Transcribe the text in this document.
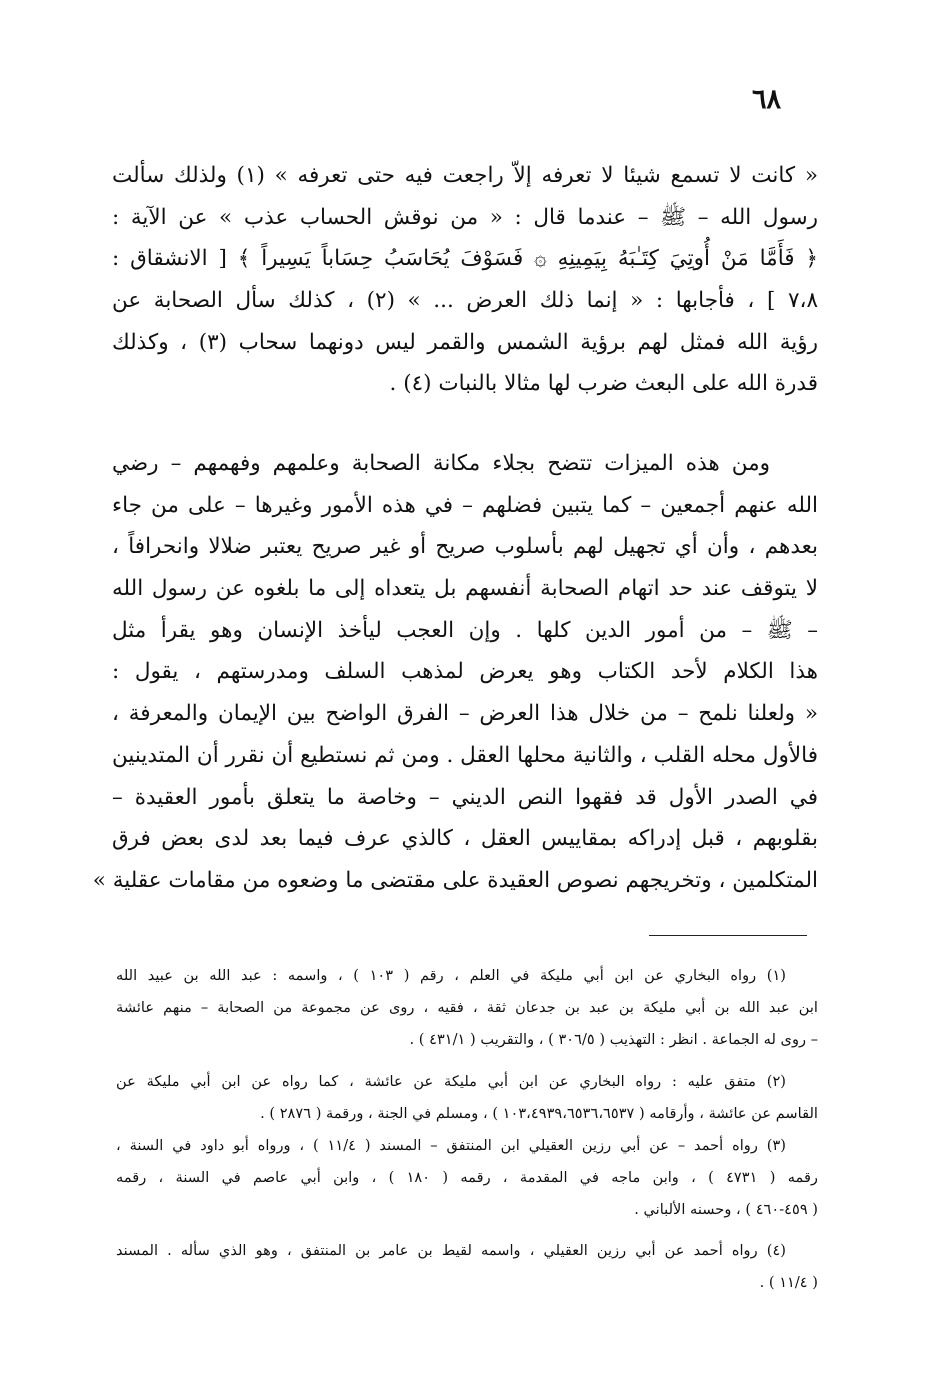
٦٨
« كانت لا تسمع شيئا لا تعرفه إلاّ راجعت فيه حتى تعرفه » (١) ولذلك سألت
رسول الله – ﷺ – عندما قال : « من نوقش الحساب عذب » عن الآية :
﴿ فَأَمَّا مَنْ أُوتِيَ كِتَـٰبَهُ بِيَمِينِهِ ۞ فَسَوْفَ يُحَاسَبُ حِسَاباً يَسِيراً ﴾ [ الانشقاق :
٧،٨ ] ، فأجابها : « إنما ذلك العرض ... » (٢) ، كذلك سأل الصحابة عن
رؤية الله فمثل لهم برؤية الشمس والقمر ليس دونهما سحاب (٣) ، وكذلك
قدرة الله على البعث ضرب لها مثالا بالنبات (٤) .
ومن هذه الميزات تتضح بجلاء مكانة الصحابة وعلمهم وفهمهم – رضي
الله عنهم أجمعين – كما يتبين فضلهم – في هذه الأمور وغيرها – على من جاء
بعدهم ، وأن أي تجهيل لهم بأسلوب صريح أو غير صريح يعتبر ضلالا وانحرافاً ،
لا يتوقف عند حد اتهام الصحابة أنفسهم بل يتعداه إلى ما بلغوه عن رسول الله
– ﷺ – من أمور الدين كلها . وإن العجب ليأخذ الإنسان وهو يقرأ مثل
هذا الكلام لأحد الكتاب وهو يعرض لمذهب السلف ومدرستهم ، يقول :
« ولعلنا نلمح – من خلال هذا العرض – الفرق الواضح بين الإيمان والمعرفة ،
فالأول محله القلب ، والثانية محلها العقل . ومن ثم نستطيع أن نقرر أن المتدينين
في الصدر الأول قد فقهوا النص الديني – وخاصة ما يتعلق بأمور العقيدة –
بقلوبهم ، قبل إدراكه بمقاييس العقل ، كالذي عرف فيما بعد لدى بعض فرق
المتكلمين ، وتخريجهم نصوص العقيدة على مقتضى ما وضعوه من مقامات عقلية »
(١) رواه البخاري عن ابن أبي مليكة في العلم ، رقم ( ١٠٣ ) ، واسمه : عبد الله بن عبيد الله
ابن عبد الله بن أبي مليكة بن عبد بن جدعان ثقة ، فقيه ، روى عن مجموعة من الصحابة – منهم عائشة
– روى له الجماعة . انظر : التهذيب ( ٣٠٦/٥ ) ، والتقريب ( ٤٣١/١ ) .
(٢) متفق عليه : رواه البخاري عن ابن أبي مليكة عن عائشة ، كما رواه عن ابن أبي مليكة عن
القاسم عن عائشة ، وأرقامه ( ١٠٣،٤٩٣٩،٦٥٣٦،٦٥٣٧ ) ، ومسلم في الجنة ، ورقمة ( ٢٨٧٦ ) .
(٣) رواه أحمد – عن أبي رزين العقيلي ابن المنتفق – المسند ( ١١/٤ ) ، ورواه أبو داود في السنة ،
رقمه ( ٤٧٣١ ) ، وابن ماجه في المقدمة ، رقمه ( ١٨٠ ) ، وابن أبي عاصم في السنة ، رقمه
( ٤٥٩-٤٦٠ ) ، وحسنه الألباني .
(٤) رواه أحمد عن أبي رزين العقيلي ، واسمه لقيط بن عامر بن المنتفق ، وهو الذي سأله . المسند
( ١١/٤ ) .
